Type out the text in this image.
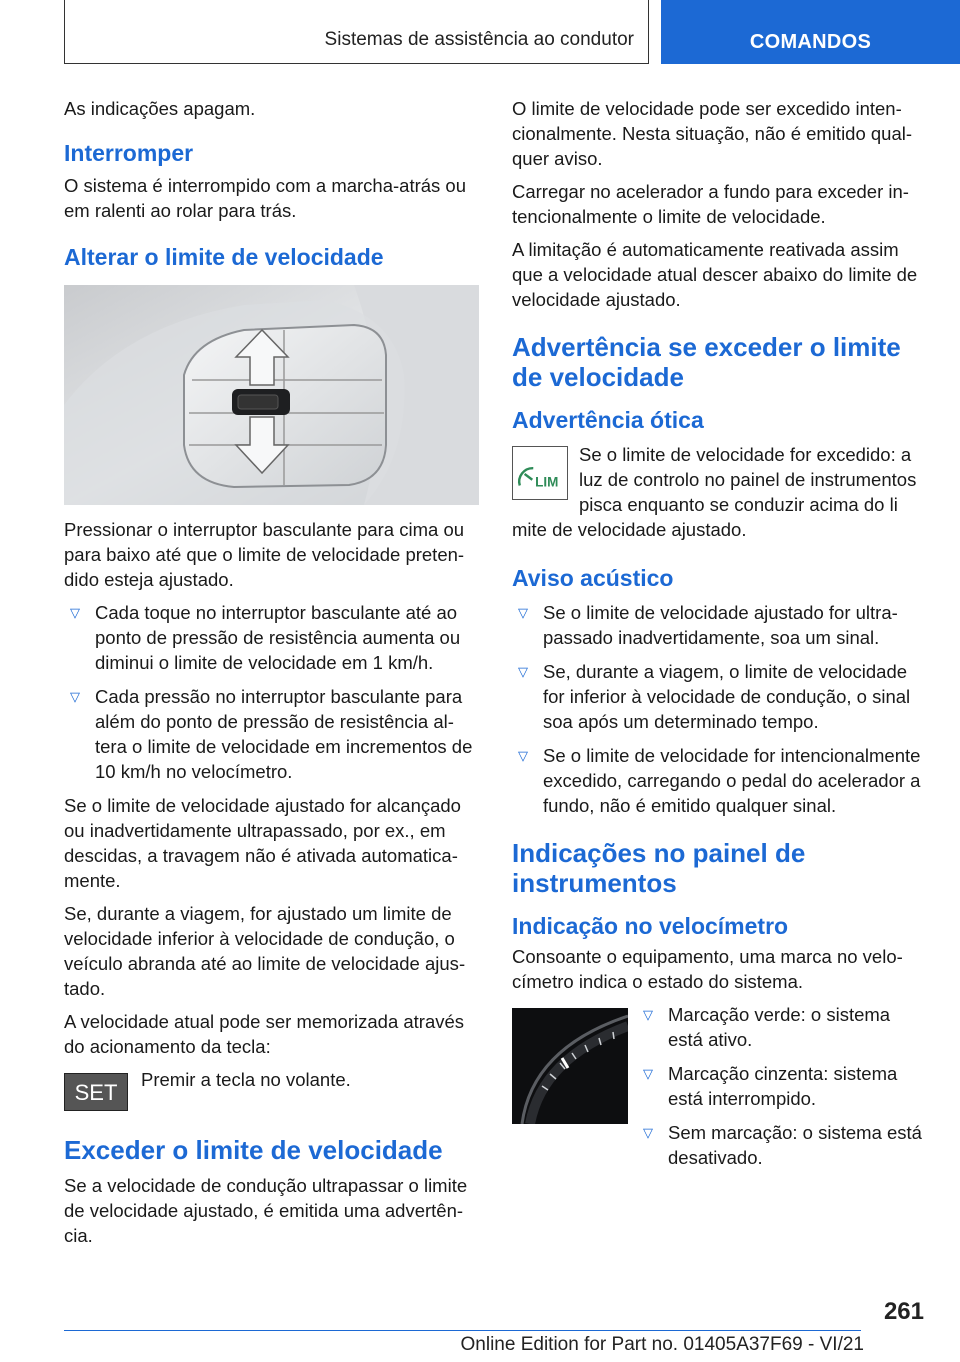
Sistemas de assistência ao condutor	COMANDOS

As indicações apagam.

Interromper

O sistema é interrompido com a marcha-atrás ou em ralenti ao rolar para trás.

Alterar o limite de velocidade

Pressionar o interruptor basculante para cima ou para baixo até que o limite de velocidade pretendido esteja ajustado.

▽ Cada toque no interruptor basculante até ao ponto de pressão de resistência aumenta ou diminui o limite de velocidade em 1 km/h.
▽ Cada pressão no interruptor basculante para além do ponto de pressão de resistência altera o limite de velocidade em incrementos de 10 km/h no velocímetro.

Se o limite de velocidade ajustado for alcançado ou inadvertidamente ultrapassado, por ex., em descidas, a travagem não é ativada automaticamente.

Se, durante a viagem, for ajustado um limite de velocidade inferior à velocidade de condução, o veículo abranda até ao limite de velocidade ajustado.

A velocidade atual pode ser memorizada através do acionamento da tecla:

SET	Premir a tecla no volante.

Exceder o limite de velocidade

Se a velocidade de condução ultrapassar o limite de velocidade ajustado, é emitida uma advertência.

O limite de velocidade pode ser excedido intencionalmente. Nesta situação, não é emitido qualquer aviso.

Carregar no acelerador a fundo para exceder intencionalmente o limite de velocidade.

A limitação é automaticamente reativada assim que a velocidade atual descer abaixo do limite de velocidade ajustado.

Advertência se exceder o limite de velocidade
Advertência ótica
LIM
Se o limite de velocidade for excedido: a
luz de controlo no painel de instrumentos
pisca enquanto se conduzir acima do li

mite de velocidade ajustado.

Aviso acústico
▽ Se o limite de velocidade ajustado for ultrapassado inadvertidamente, soa um sinal.
▽ Se, durante a viagem, o limite de velocidade for inferior à velocidade de condução, o sinal soa após um determinado tempo.
▽ Se o limite de velocidade for intencionalmente excedido, carregando o pedal do acelerador a fundo, não é emitido qualquer sinal.
Indicações no painel de instrumentos
Indicação no velocímetro

Consoante o equipamento, uma marca no velocímetro indica o estado do sistema.

▽ Marcação verde: o sistema está ativo.
▽ Marcação cinzenta: sistema está interrompido.
▽ Sem marcação: o sistema está desativado.
261
Online Edition for Part no. 01405A37F69 - VI/21
